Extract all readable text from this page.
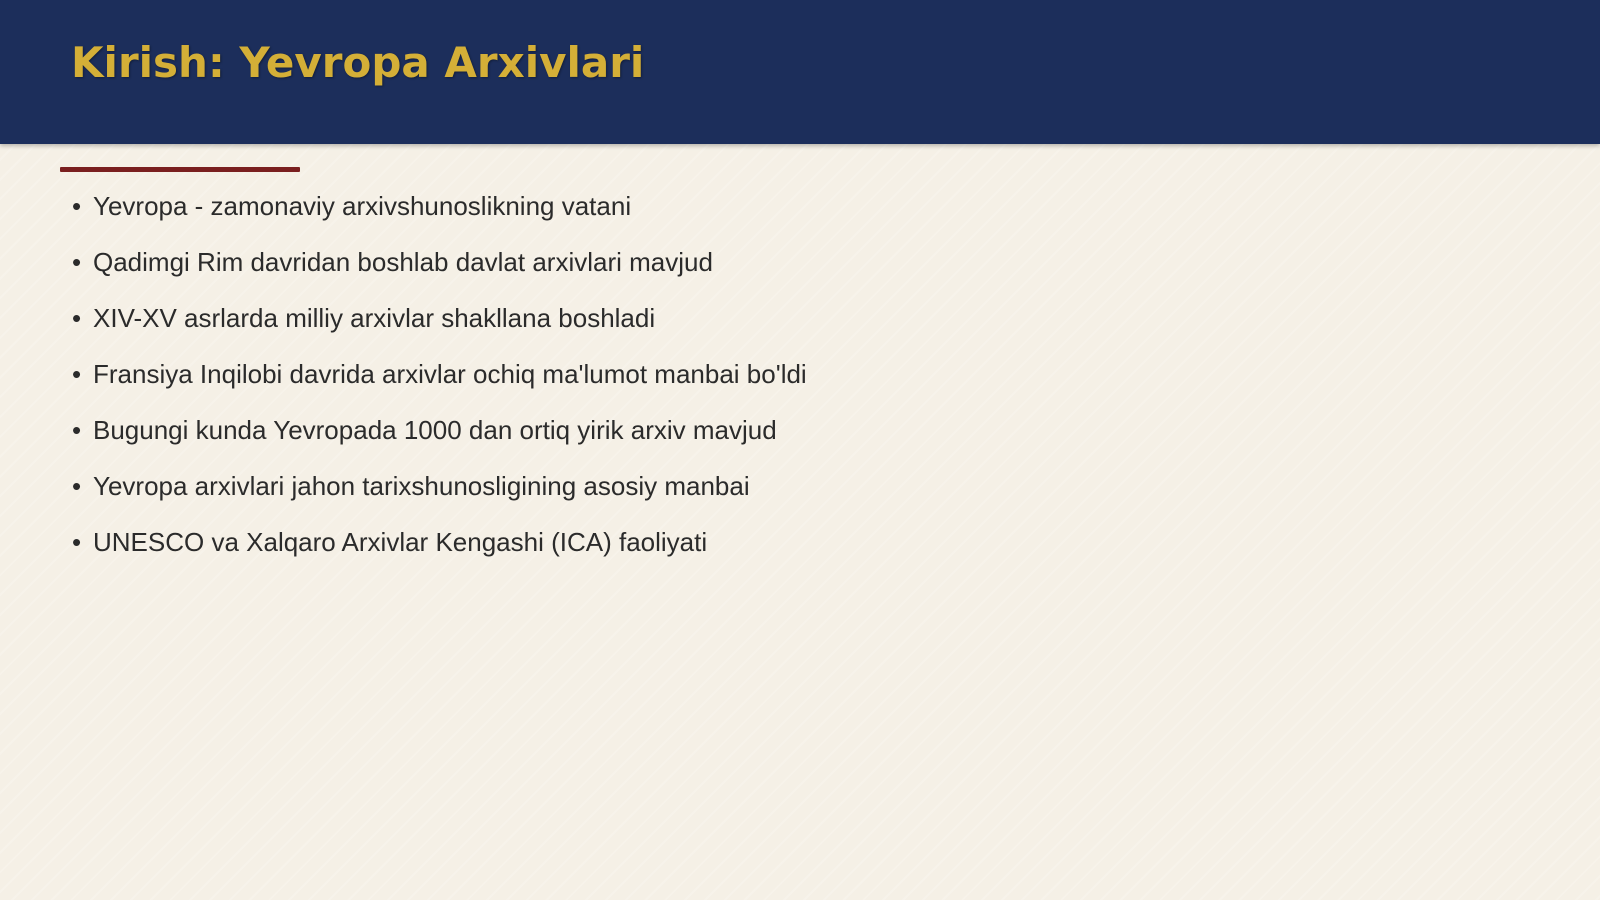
Kirish: Yevropa Arxivlari
• Yevropa - zamonaviy arxivshunoslikning vatani
• Qadimgi Rim davridan boshlab davlat arxivlari mavjud
• XIV-XV asrlarda milliy arxivlar shakllana boshladi
• Fransiya Inqilobi davrida arxivlar ochiq ma'lumot manbai bo'ldi
• Bugungi kunda Yevropada 1000 dan ortiq yirik arxiv mavjud
• Yevropa arxivlari jahon tarixshunosligining asosiy manbai
• UNESCO va Xalqaro Arxivlar Kengashi (ICA) faoliyati
